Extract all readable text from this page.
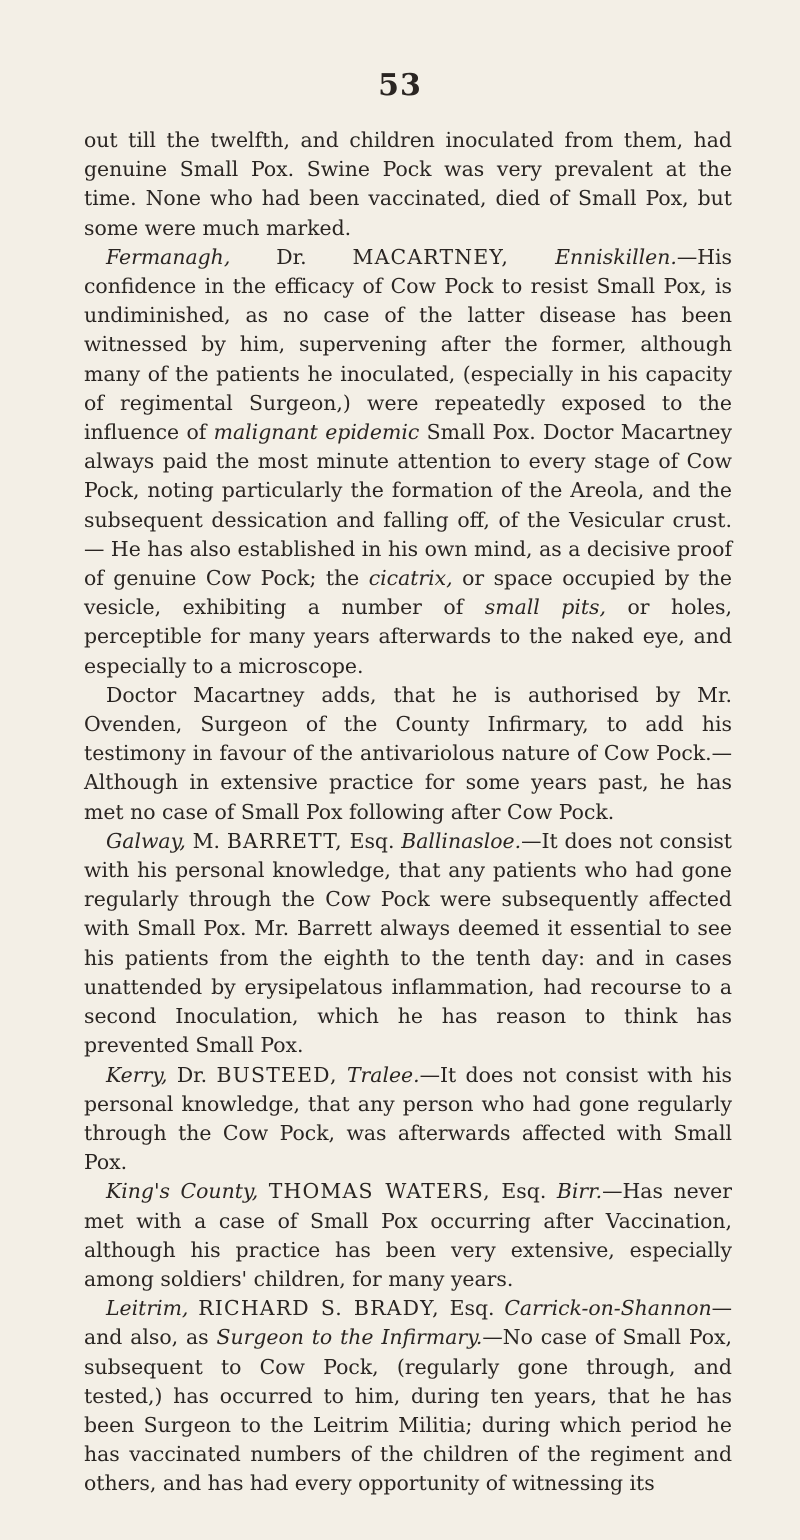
53

out till the twelfth, and children inoculated from them, had genuine Small Pox. Swine Pock was very prevalent at the time. None who had been vaccinated, died of Small Pox, but some were much marked.

Fermanagh, Dr. MACARTNEY, Enniskillen.—His confidence in the efficacy of Cow Pock to resist Small Pox, is undiminished, as no case of the latter disease has been witnessed by him, supervening after the former, although many of the patients he inoculated, (especially in his capacity of regimental Surgeon,) were repeatedly exposed to the influence of malignant epidemic Small Pox. Doctor Macartney always paid the most minute attention to every stage of Cow Pock, noting particularly the formation of the Areola, and the subsequent dessication and falling off, of the Vesicular crust.— He has also established in his own mind, as a decisive proof of genuine Cow Pock; the cicatrix, or space occupied by the vesicle, exhibiting a number of small pits, or holes, perceptible for many years afterwards to the naked eye, and especially to a microscope.

Doctor Macartney adds, that he is authorised by Mr. Ovenden, Surgeon of the County Infirmary, to add his testimony in favour of the antivariolous nature of Cow Pock.— Although in extensive practice for some years past, he has met no case of Small Pox following after Cow Pock.

Galway, M. BARRETT, Esq. Ballinasloe.—It does not consist with his personal knowledge, that any patients who had gone regularly through the Cow Pock were subsequently affected with Small Pox. Mr. Barrett always deemed it essential to see his patients from the eighth to the tenth day: and in cases unattended by erysipelatous inflammation, had recourse to a second Inoculation, which he has reason to think has prevented Small Pox.

Kerry, Dr. BUSTEED, Tralee.—It does not consist with his personal knowledge, that any person who had gone regularly through the Cow Pock, was afterwards affected with Small Pox.

King's County, THOMAS WATERS, Esq. Birr.—Has never met with a case of Small Pox occurring after Vaccination, although his practice has been very extensive, especially among soldiers' children, for many years.

Leitrim, RICHARD S. BRADY, Esq. Carrick-on-Shannon—and also, as Surgeon to the Infirmary.—No case of Small Pox, subsequent to Cow Pock, (regularly gone through, and tested,) has occurred to him, during ten years, that he has been Surgeon to the Leitrim Militia; during which period he has vaccinated numbers of the children of the regiment and others, and has had every opportunity of witnessing its
